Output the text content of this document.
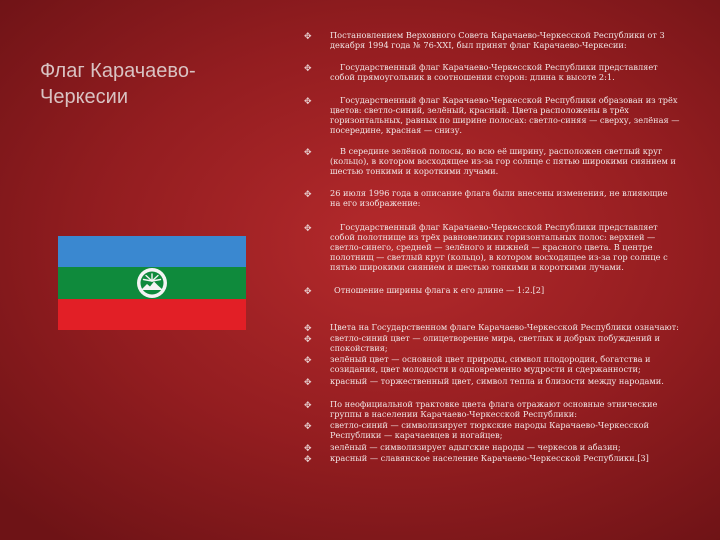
Флаг Карачаево-Черкесии
✥ Постановлением Верховного Совета Карачаево-Черкесской Республики от 3 декабря 1994 года № 76-XXI, был принят флаг Карачаево-Черкесии:
✥	Государственный флаг Карачаево-Черкесской Республики представляет собой прямоугольник в соотношении сторон: длина к высоте 2:1.
✥	Государственный флаг Карачаево-Черкесской Республики образован из трёх цветов: светло-синий, зелёный, красный. Цвета расположены в трёх горизонтальных, равных по ширине полосах: светло-синяя — сверху, зелёная — посередине, красная — снизу.
✥	В середине зелёной полосы, во всю её ширину, расположен светлый круг (кольцо), в котором восходящее из-за гор солнце с пятью широкими сиянием и шестью тонкими и короткими лучами.
✥ 26 июля 1996 года в описание флага были внесены изменения, не влияющие на его изображение:
✥	Государственный флаг Карачаево-Черкесской Республики представляет собой полотнище из трёх равновеликих горизонтальных полос: верхней — светло-синего, средней — зелёного и нижней — красного цвета. В центре полотнищ — светлый круг (кольцо), в котором восходящее из-за гор солнце с пятью широкими сиянием и шестью тонкими и короткими лучами.
✥	Отношение ширины флага к его длине — 1:2.[2]
✥ Цвета на Государственном флаге Карачаево-Черкесской Республики означают:
✥ светло-синий цвет — олицетворение мира, светлых и добрых побуждений и спокойствия;
✥ зелёный цвет — основной цвет природы, символ плодородия, богатства и созидания, цвет молодости и одновременно мудрости и сдержанности;
✥ красный — торжественный цвет, символ тепла и близости между народами.
✥ По неофициальной трактовке цвета флага отражают основные этнические группы в населении Карачаево-Черкесской Республики:
✥ светло-синий — символизирует тюркские народы Карачаево-Черкесской Республики — карачаевцев и ногайцев;
✥ зелёный — символизирует адыгские народы — черкесов и абазин;
✥ красный — славянское население Карачаево-Черкесской Республики.[3]
